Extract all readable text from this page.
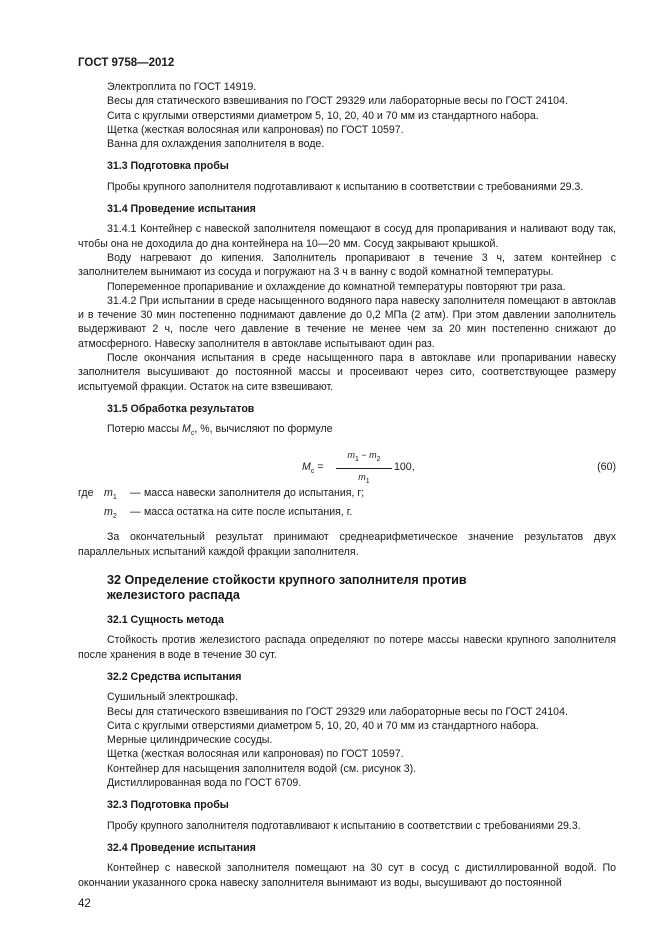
ГОСТ 9758—2012

Электроплита по ГОСТ 14919.

Весы для статического взвешивания по ГОСТ 29329 или лабораторные весы по ГОСТ 24104.

Сита с круглыми отверстиями диаметром 5, 10, 20, 40 и 70 мм из стандартного набора.

Щетка (жесткая волосяная или капроновая) по ГОСТ 10597.

Ванна для охлаждения заполнителя в воде.

31.3 Подготовка пробы

Пробы крупного заполнителя подготавливают к испытанию в соответствии с требованиями 29.3.

31.4 Проведение испытания

31.4.1 Контейнер с навеской заполнителя помещают в сосуд для пропаривания и наливают воду так, чтобы она не доходила до дна контейнера на 10—20 мм. Сосуд закрывают крышкой.

Воду нагревают до кипения. Заполнитель пропаривают в течение 3 ч, затем контейнер с заполнителем вынимают из сосуда и погружают на 3 ч в ванну с водой комнатной температуры.

Попеременное пропаривание и охлаждение до комнатной температуры повторяют три раза.

31.4.2 При испытании в среде насыщенного водяного пара навеску заполнителя помещают в автоклав и в течение 30 мин постепенно поднимают давление до 0,2 МПа (2 атм). При этом давлении заполнитель выдерживают 2 ч, после чего давление в течение не менее чем за 20 мин постепенно снижают до атмосферного. Навеску заполнителя в автоклаве испытывают один раз.

После окончания испытания в среде насыщенного пара в автоклаве или пропаривании навеску заполнителя высушивают до постоянной массы и просеивают через сито, соответствующее размеру испытуемой фракции. Остаток на сите взвешивают.

31.5 Обработка результатов

Потерю массы $M_c$, %, вычисляют по формуле

$M_c = \frac{m_1 - m_2}{m_1} 100$,	(60)
где $m_1$	— масса навески заполнителя до испытания, г;
$m_2$	— масса остатка на сите после испытания, г.

За окончательный результат принимают среднеарифметическое значение результатов двух параллельных испытаний каждой фракции заполнителя.

32 Определение стойкости крупного заполнителя против железистого распада

32.1 Сущность метода

Стойкость против железистого распада определяют по потере массы навески крупного заполнителя после хранения в воде в течение 30 сут.

32.2 Средства испытания

Сушильный электрошкаф.

Весы для статического взвешивания по ГОСТ 29329 или лабораторные весы по ГОСТ 24104.

Сита с круглыми отверстиями диаметром 5, 10, 20, 40 и 70 мм из стандартного набора.

Мерные цилиндрические сосуды.

Щетка (жесткая волосяная или капроновая) по ГОСТ 10597.

Контейнер для насыщения заполнителя водой (см. рисунок 3).

Дистиллированная вода по ГОСТ 6709.

32.3 Подготовка пробы

Пробу крупного заполнителя подготавливают к испытанию в соответствии с требованиями 29.3.

32.4 Проведение испытания

Контейнер с навеской заполнителя помещают на 30 сут в сосуд с дистиллированной водой. По окончании указанного срока навеску заполнителя вынимают из воды, высушивают до постоянной

42
